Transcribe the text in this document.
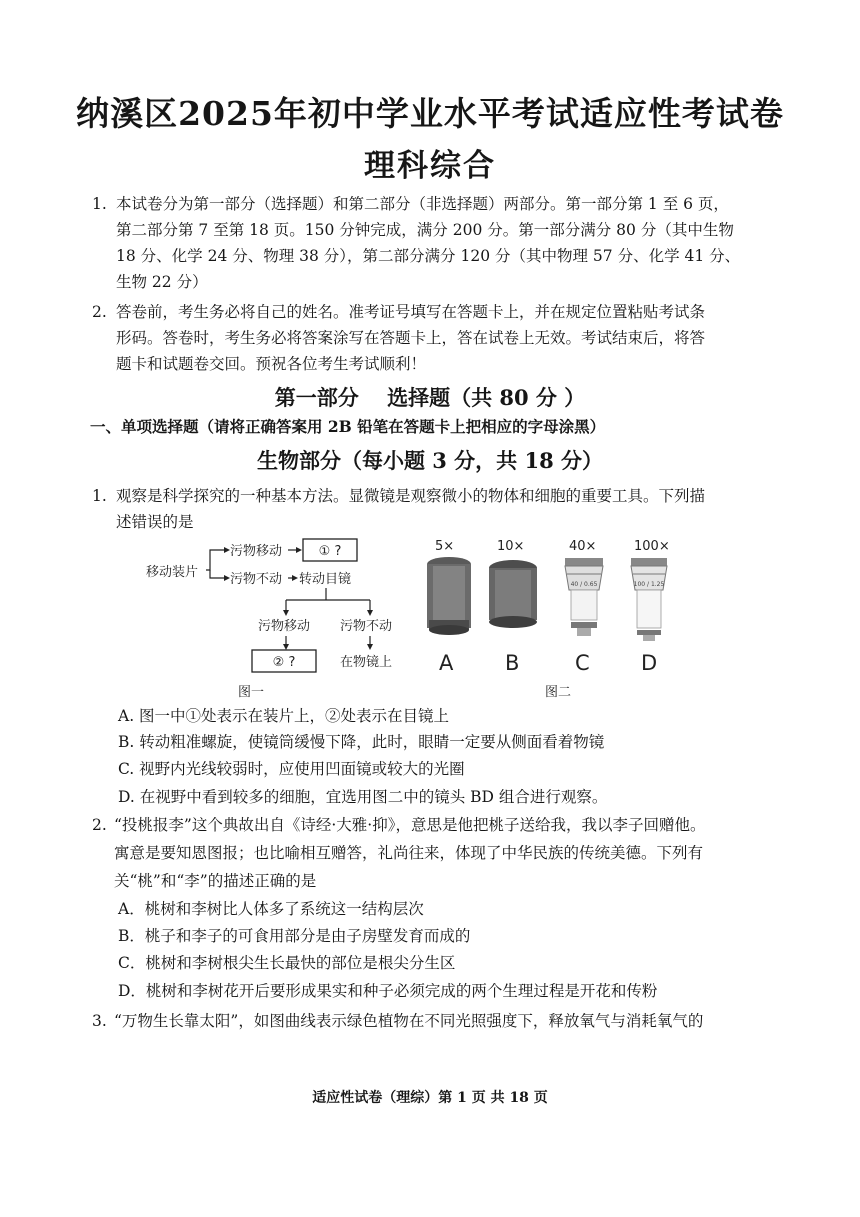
纳溪区2025年初中学业水平考试适应性考试卷
理科综合
1. 本试卷分为第一部分（选择题）和第二部分（非选择题）两部分。第一部分第 1 至 6 页，
第二部分第 7 至第 18 页。150 分钟完成，满分 200 分。第一部分满分 80 分（其中生物
18 分、化学 24 分、物理 38 分），第二部分满分 120 分（其中物理 57 分、化学 41 分、
生物 22 分）
2. 答卷前，考生务必将自己的姓名。准考证号填写在答题卡上，并在规定位置粘贴考试条
形码。答卷时，考生务必将答案涂写在答题卡上，答在试卷上无效。考试结束后，将答
题卡和试题卷交回。预祝各位考生考试顺利！
第一部分　 选择题（共 80 分 ）
一、单项选择题（请将正确答案用 2B 铅笔在答题卡上把相应的字母涂黑）
生物部分（每小题 3 分，共 18 分）
1. 观察是科学探究的一种基本方法。显微镜是观察微小的物体和细胞的重要工具。下列描
述错误的是
移动装片
污物移动	① ?
污物不动 转动目镜
污物移动 污物不动
② ?	在物镜上
图一
5×	10×	40×	100×
40 / 0.65	100 / 1.25
A B	C D
图二
A. 图一中①处表示在装片上，②处表示在目镜上
B. 转动粗准螺旋，使镜筒缓慢下降，此时，眼睛一定要从侧面看着物镜
C. 视野内光线较弱时，应使用凹面镜或较大的光圈
D. 在视野中看到较多的细胞，宜选用图二中的镜头 BD 组合进行观察。
2. “投桃报李”这个典故出自《诗经·大雅·抑》，意思是他把桃子送给我，我以李子回赠他。
寓意是要知恩图报；也比喻相互赠答，礼尚往来，体现了中华民族的传统美德。下列有
关“桃”和“李”的描述正确的是
A．桃树和李树比人体多了系统这一结构层次
B．桃子和李子的可食用部分是由子房壁发育而成的
C．桃树和李树根尖生长最快的部位是根尖分生区
D．桃树和李树花开后要形成果实和种子必须完成的两个生理过程是开花和传粉
3. “万物生长靠太阳”，如图曲线表示绿色植物在不同光照强度下，释放氧气与消耗氧气的
适应性试卷（理综）第 1 页 共 18 页
